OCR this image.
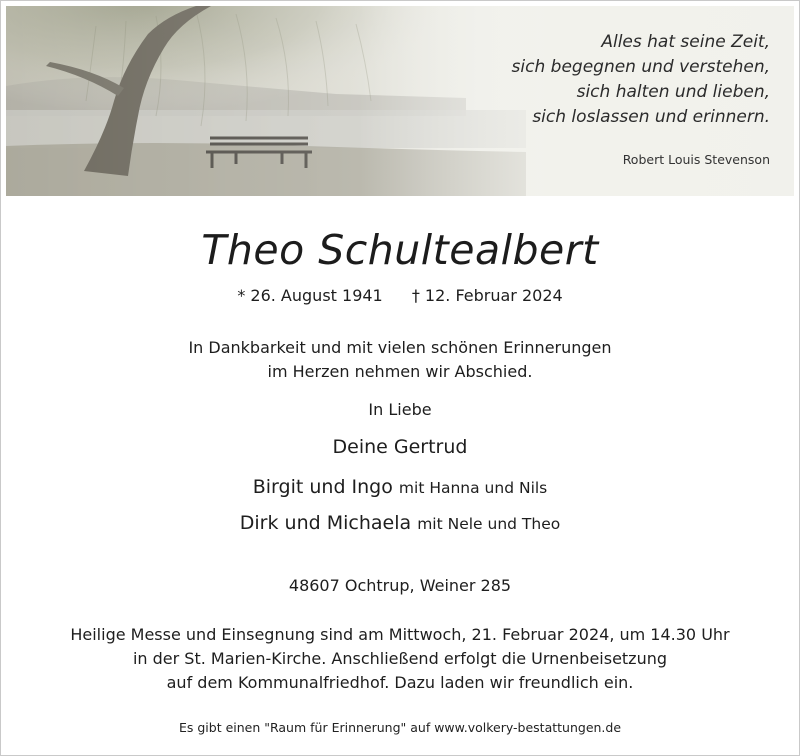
Alles hat seine Zeit,
sich begegnen und verstehen,
sich halten und lieben,
sich loslassen und erinnern.
Robert Louis Stevenson
Theo Schultealbert
* 26. August 1941 † 12. Februar 2024
In Dankbarkeit und mit vielen schönen Erinnerungen
im Herzen nehmen wir Abschied.
In Liebe
Deine Gertrud
Birgit und Ingo mit Hanna und Nils
Dirk und Michaela mit Nele und Theo
48607 Ochtrup, Weiner 285
Heilige Messe und Einsegnung sind am Mittwoch, 21. Februar 2024, um 14.30 Uhr
in der St. Marien-Kirche. Anschließend erfolgt die Urnenbeisetzung
auf dem Kommunalfriedhof. Dazu laden wir freundlich ein.
Es gibt einen "Raum für Erinnerung" auf www.volkery-bestattungen.de
